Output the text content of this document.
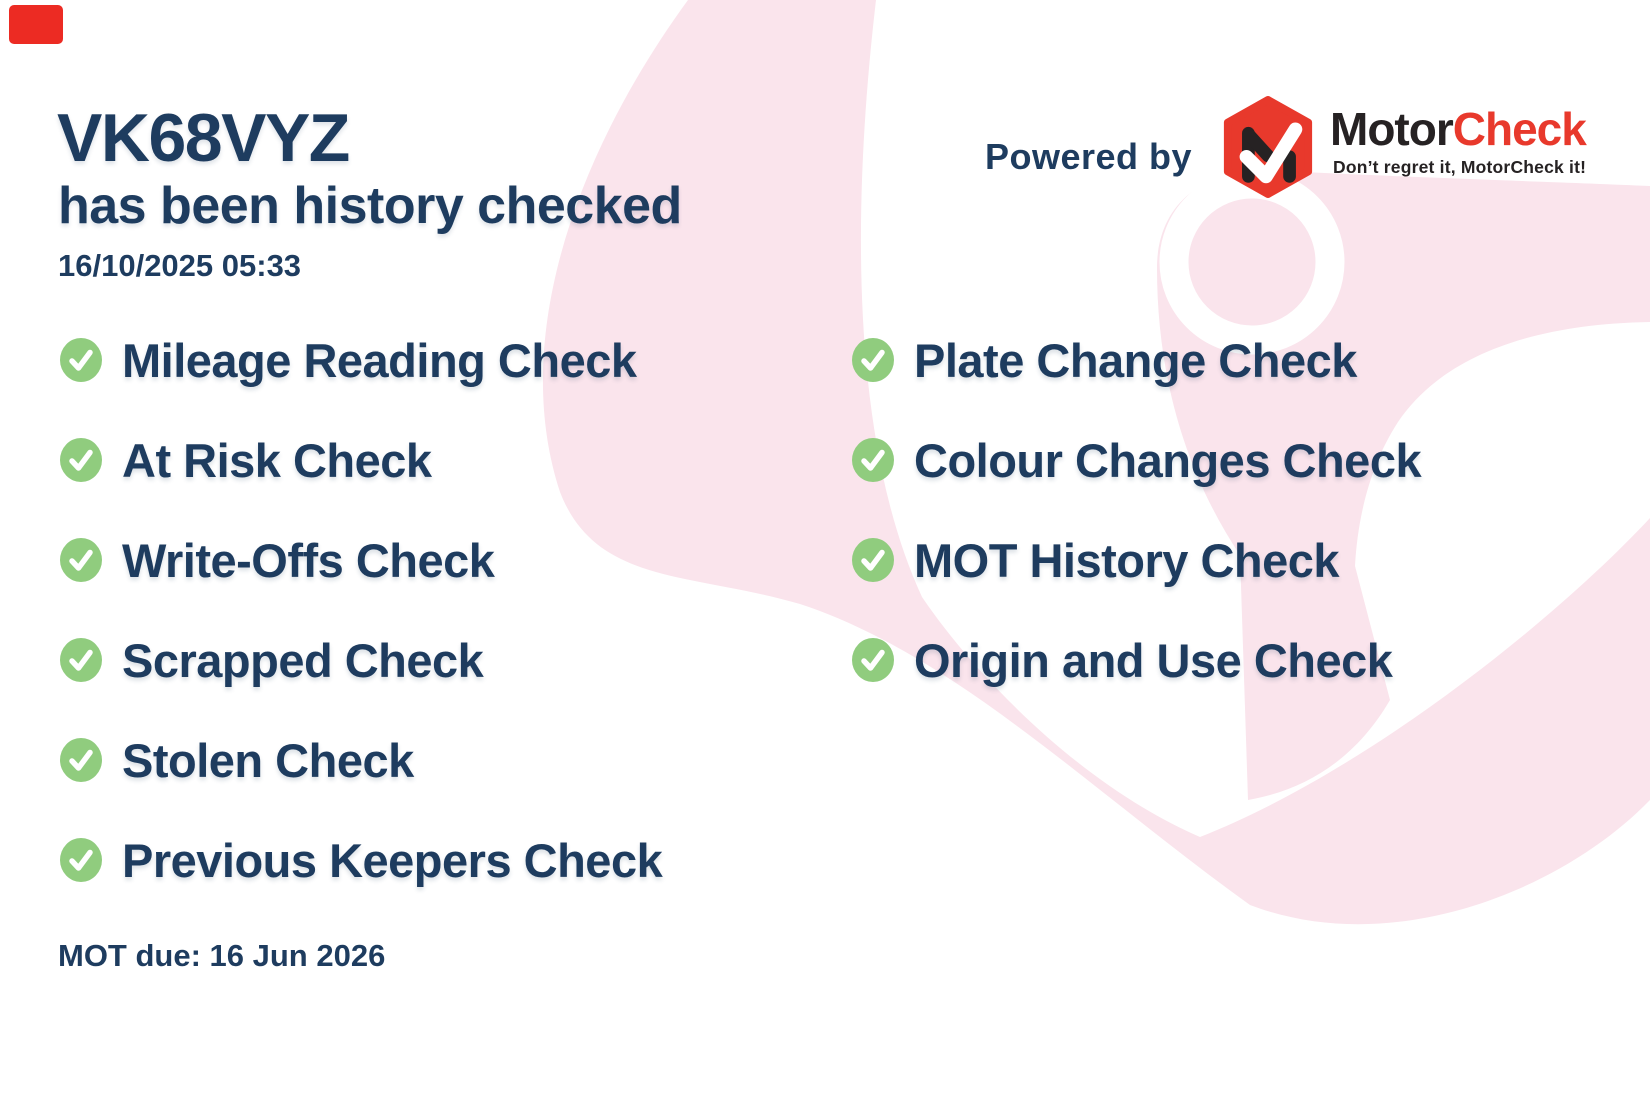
VK68VYZ
has been history checked
16/10/2025 05:33
Powered by
MotorCheck
Don’t regret it, MotorCheck it!
Mileage Reading Check
At Risk Check
Write-Offs Check
Scrapped Check
Stolen Check
Previous Keepers Check
Plate Change Check
Colour Changes Check
MOT History Check
Origin and Use Check
MOT due: 16 Jun 2026
